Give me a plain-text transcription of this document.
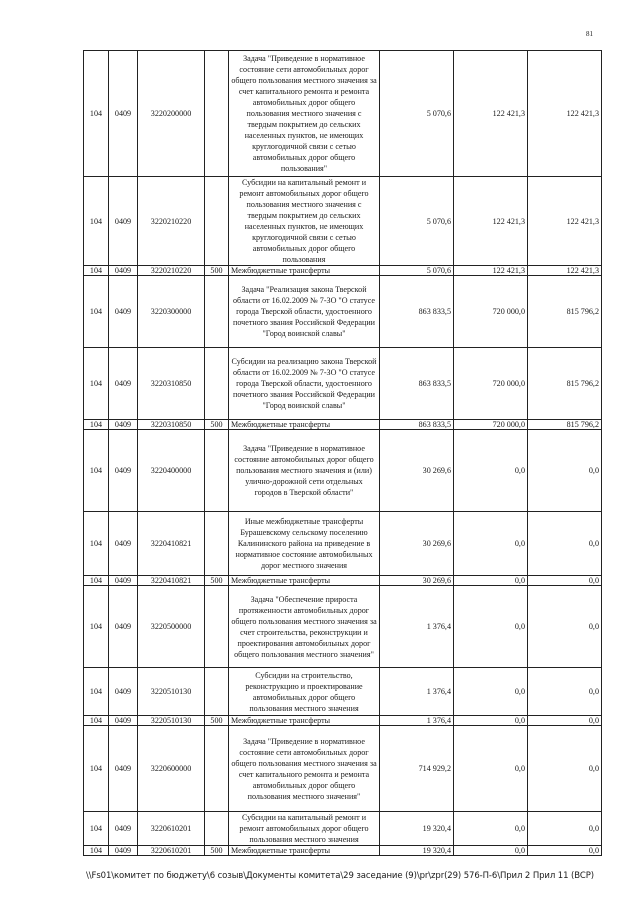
81
104	0409	3220200000		Задача "Приведение в нормативное состояние сети автомобильных дорог общего пользования местного значения за счет капитального ремонта и ремонта автомобильных дорог общего пользования местного значения с твердым покрытием до сельских населенных пунктов, не имеющих круглогодичной связи с сетью автомобильных дорог общего пользования"	5 070,6	122 421,3	122 421,3
104	0409	3220210220		Субсидии на капитальный ремонт и ремонт автомобильных дорог общего пользования местного значения с твердым покрытием до сельских населенных пунктов, не имеющих круглогодичной связи с сетью автомобильных дорог общего пользования	5 070,6	122 421,3	122 421,3
104	0409	3220210220	500	Межбюджетные трансферты	5 070,6	122 421,3	122 421,3
104	0409	3220300000		Задача "Реализация закона Тверской области от 16.02.2009 № 7-ЗО "О статусе города Тверской области, удостоенного почетного звания Российской Федерации "Город воинской славы"	863 833,5	720 000,0	815 796,2
104	0409	3220310850		Субсидии на реализацию закона Тверской области от 16.02.2009 № 7-ЗО "О статусе города Тверской области, удостоенного почетного звания Российской Федерации "Город воинской славы"	863 833,5	720 000,0	815 796,2
104	0409	3220310850	500	Межбюджетные трансферты	863 833,5	720 000,0	815 796,2
104	0409	3220400000		Задача "Приведение в нормативное состояние автомобильных дорог общего пользования местного значения и (или) улично-дорожной сети отдельных городов в Тверской области"	30 269,6	0,0	0,0
104	0409	3220410821		Иные межбюджетные трансферты Бурашевскому сельскому поселению Калининского района на приведение в нормативное состояние автомобильных дорог местного значения	30 269,6	0,0	0,0
104	0409	3220410821	500	Межбюджетные трансферты	30 269,6	0,0	0,0
104	0409	3220500000		Задача "Обеспечение прироста протяженности автомобильных дорог общего пользования местного значения за счет строительства, реконструкции и проектирования автомобильных дорог общего пользования местного значения"	1 376,4	0,0	0,0
104	0409	3220510130		Субсидии на строительство, реконструкцию и проектирование автомобильных дорог общего пользования местного значения	1 376,4	0,0	0,0
104	0409	3220510130	500	Межбюджетные трансферты	1 376,4	0,0	0,0
104	0409	3220600000		Задача "Приведение в нормативное состояние сети автомобильных дорог общего пользования местного значения за счет капитального ремонта и ремонта автомобильных дорог общего пользования местного значения"	714 929,2	0,0	0,0
104	0409	3220610201		Субсидии на капитальный ремонт и ремонт автомобильных дорог общего пользования местного значения	19 320,4	0,0	0,0
104	0409	3220610201	500	Межбюджетные трансферты	19 320,4	0,0	0,0
\\Fs01\комитет по бюджету\6 созыв\Документы комитета\29 заседание (9)\pr\zpr(29) 576-П-6\Прил 2 Прил 11 (ВСР)
